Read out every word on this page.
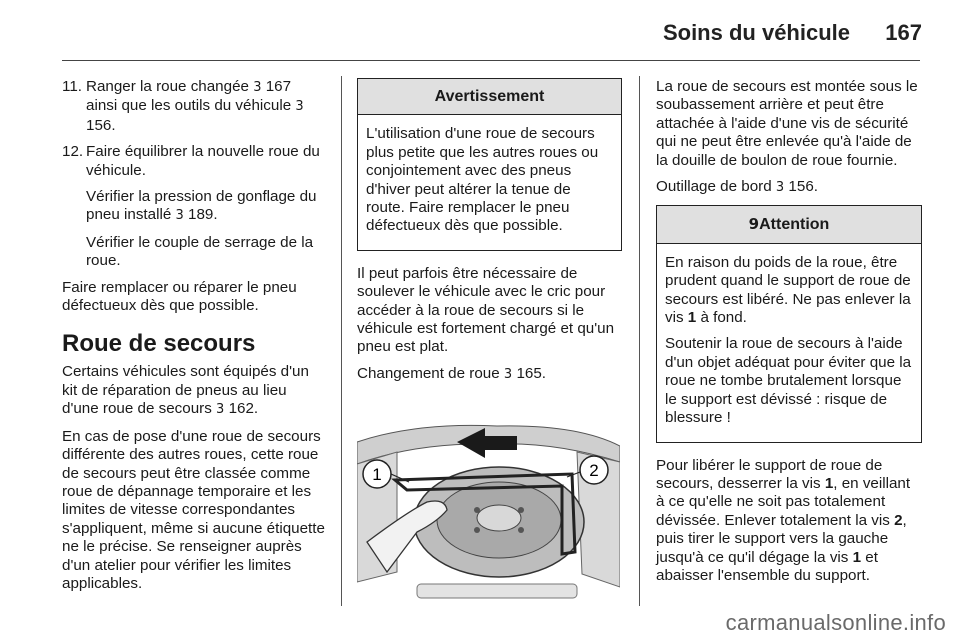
Soins du véhicule 167
11. Ranger la roue changée 3 167 ainsi que les outils du véhicule 3 156.
12. Faire équilibrer la nouvelle roue du véhicule.
Vérifier la pression de gonflage du pneu installé 3 189.
Vérifier le couple de serrage de la roue.

Faire remplacer ou réparer le pneu défectueux dès que possible.

Roue de secours

Certains véhicules sont équipés d'un kit de réparation de pneus au lieu d'une roue de secours 3 162.

En cas de pose d'une roue de secours différente des autres roues, cette roue de secours peut être classée comme roue de dépannage temporaire et les limites de vitesse correspondantes s'appliquent, même si aucune étiquette ne le précise. Se renseigner auprès d'un atelier pour vérifier les limites applicables.

Avertissement

L'utilisation d'une roue de secours plus petite que les autres roues ou conjointement avec des pneus d'hiver peut altérer la tenue de route. Faire remplacer le pneu défectueux dès que possible.

Il peut parfois être nécessaire de soulever le véhicule avec le cric pour accéder à la roue de secours si le véhicule est fortement chargé et qu'un pneu est plat.

Changement de roue 3 165.

1	2

La roue de secours est montée sous le soubassement arrière et peut être attachée à l'aide d'une vis de sécurité qui ne peut être enlevée qu'à l'aide de la douille de boulon de roue fournie.

Outillage de bord 3 156.

9Attention

En raison du poids de la roue, être prudent quand le support de roue de secours est libéré. Ne pas enlever la vis 1 à fond.

Soutenir la roue de secours à l'aide d'un objet adéquat pour éviter que la roue ne tombe brutalement lorsque le support est dévissé : risque de blessure !

Pour libérer le support de roue de secours, desserrer la vis 1, en veillant à ce qu'elle ne soit pas totalement dévissée. Enlever totalement la vis 2, puis tirer le support vers la gauche jusqu'à ce qu'il dégage la vis 1 et abaisser l'ensemble du support.

carmanualsonline.info
